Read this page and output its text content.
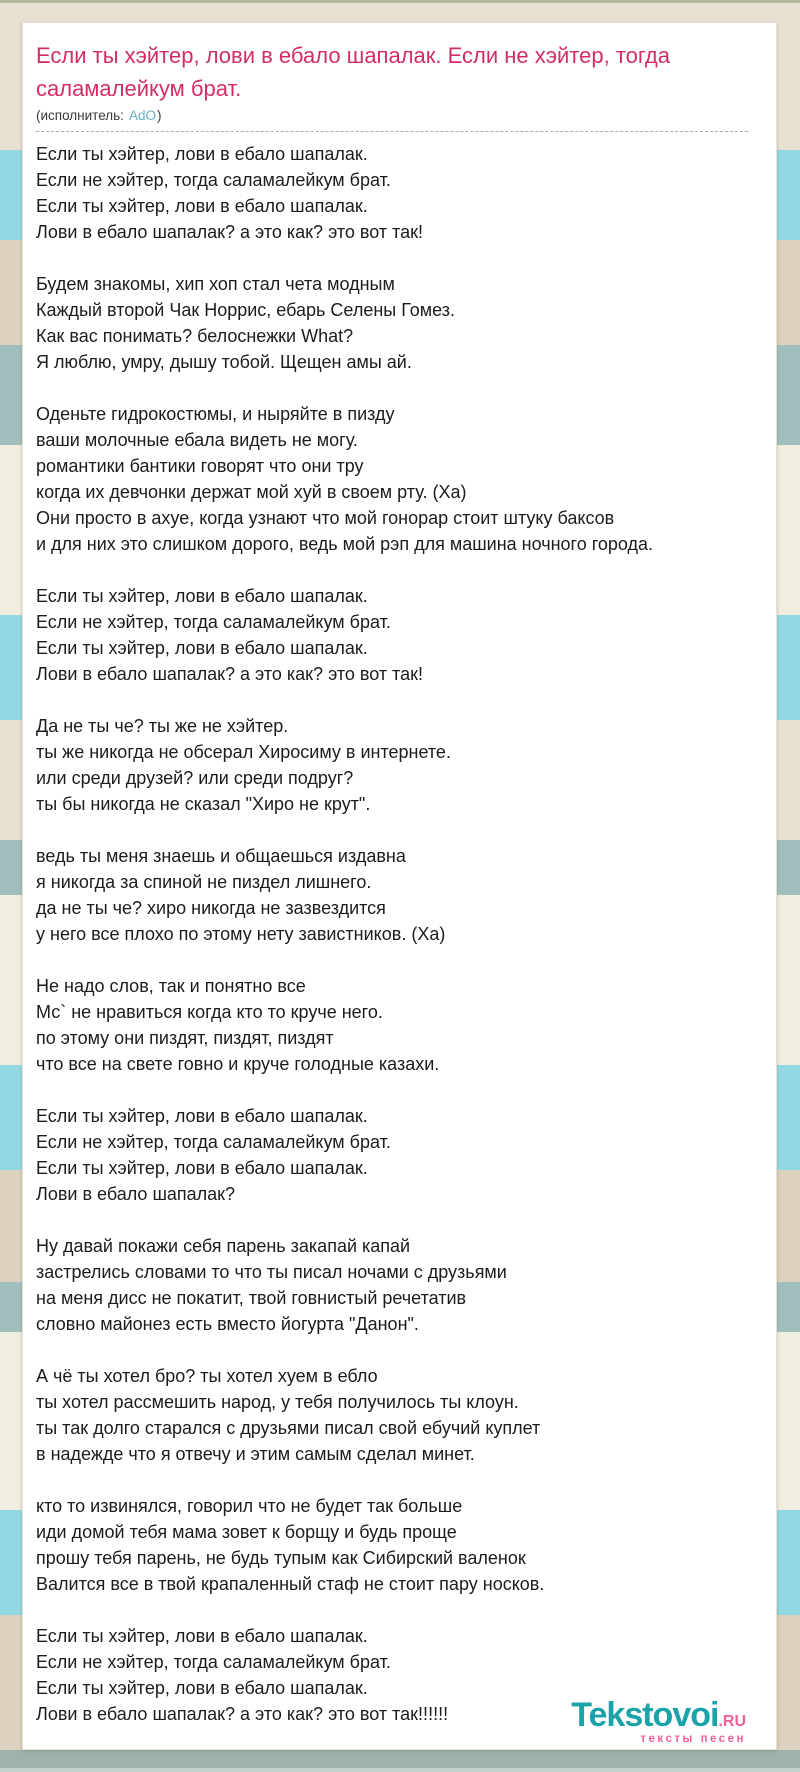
Если ты хэйтер, лови в ебало шапалак. Если не хэйтер, тогда саламалейкум брат.
(исполнитель: AdO)

Если ты хэйтер, лови в ебало шапалак.
Если не хэйтер, тогда саламалейкум брат.
Если ты хэйтер, лови в ебало шапалак.
Лови в ебало шапалак? а это как? это вот так!

Будем знакомы, хип хоп стал чета модным
Каждый второй Чак Норрис, ебарь Селены Гомез.
Как вас понимать? белоснежки What?
Я люблю, умру, дышу тобой. Щещен амы ай.

Оденьте гидрокостюмы, и ныряйте в пизду
ваши молочные ебала видеть не могу.
романтики бантики говорят что они тру
когда их девчонки держат мой хуй в своем рту. (Ха)
Они просто в ахуе, когда узнают что мой гонорар стоит штуку баксов
и для них это слишком дорого, ведь мой рэп для машина ночного города.

Если ты хэйтер, лови в ебало шапалак.
Если не хэйтер, тогда саламалейкум брат.
Если ты хэйтер, лови в ебало шапалак.
Лови в ебало шапалак? а это как? это вот так!

Да не ты че? ты же не хэйтер.
ты же никогда не обсерал Хиросиму в интернете.
или среди друзей? или среди подруг?
ты бы никогда не сказал "Хиро не крут".

ведь ты меня знаешь и общаешься издавна
я никогда за спиной не пиздел лишнего.
да не ты че? хиро никогда не зазвездится
у него все плохо по этому нету завистников. (Ха)

Не надо слов, так и понятно все
Мс` не нравиться когда кто то круче него.
по этому они пиздят, пиздят, пиздят
что все на свете говно и круче голодные казахи.

Если ты хэйтер, лови в ебало шапалак.
Если не хэйтер, тогда саламалейкум брат.
Если ты хэйтер, лови в ебало шапалак.
Лови в ебало шапалак?

Ну давай покажи себя парень закапай капай
застрелись словами то что ты писал ночами с друзьями
на меня дисс не покатит, твой говнистый речетатив
словно майонез есть вместо йогурта "Данон".

А чё ты хотел бро? ты хотел хуем в ебло
ты хотел рассмешить народ, у тебя получилось ты клоун.
ты так долго старался с друзьями писал свой ебучий куплет
в надежде что я отвечу и этим самым сделал минет.

кто то извинялся, говорил что не будет так больше
иди домой тебя мама зовет к борщу и будь проще
прошу тебя парень, не будь тупым как Сибирский валенок
Валится все в твой крапаленный стаф не стоит пару носков.

Если ты хэйтер, лови в ебало шапалак.
Если не хэйтер, тогда саламалейкум брат.
Если ты хэйтер, лови в ебало шапалак.
Лови в ебало шапалак? а это как? это вот так!!!!!!	Tekstovoi.RU
тексты песен
